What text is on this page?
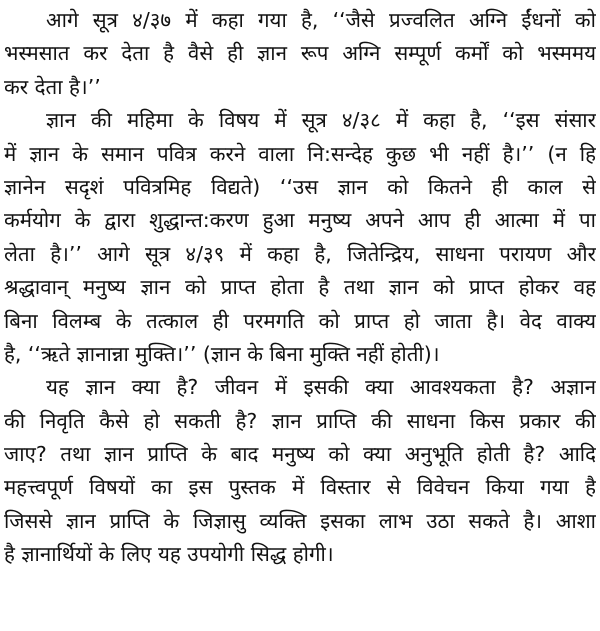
आगे सूत्र ४/३७ में कहा गया है, ‘‘जैसे प्रज्वलित अग्नि ईंधनों को
भस्मसात कर देता है वैसे ही ज्ञान रूप अग्नि सम्पूर्ण कर्मों को भस्ममय
कर देता है।’’

ज्ञान की महिमा के विषय में सूत्र ४/३८ में कहा है, ‘‘इस संसार
में ज्ञान के समान पवित्र करने वाला नि:सन्देह कुछ भी नहीं है।’’ (न हि
ज्ञानेन सदृशं पवित्रमिह विद्यते) ‘‘उस ज्ञान को कितने ही काल से
कर्मयोग के द्वारा शुद्धान्त:करण हुआ मनुष्य अपने आप ही आत्मा में पा
लेता है।’’ आगे सूत्र ४/३९ में कहा है, जितेन्द्रिय, साधना परायण और
श्रद्धावान् मनुष्य ज्ञान को प्राप्त होता है तथा ज्ञान को प्राप्त होकर वह
बिना विलम्ब के तत्काल ही परमगति को प्राप्त हो जाता है। वेद वाक्य
है, ‘‘ऋते ज्ञानान्ना मुक्ति।’’ (ज्ञान के बिना मुक्ति नहीं होती)।

यह ज्ञान क्या है? जीवन में इसकी क्या आवश्यकता है? अज्ञान
की निवृति कैसे हो सकती है? ज्ञान प्राप्ति की साधना किस प्रकार की
जाए? तथा ज्ञान प्राप्ति के बाद मनुष्य को क्या अनुभूति होती है? आदि
महत्त्वपूर्ण विषयों का इस पुस्तक में विस्तार से विवेचन किया गया है
जिससे ज्ञान प्राप्ति के जिज्ञासु व्यक्ति इसका लाभ उठा सकते है। आशा
है ज्ञानार्थियों के लिए यह उपयोगी सिद्ध होगी।
